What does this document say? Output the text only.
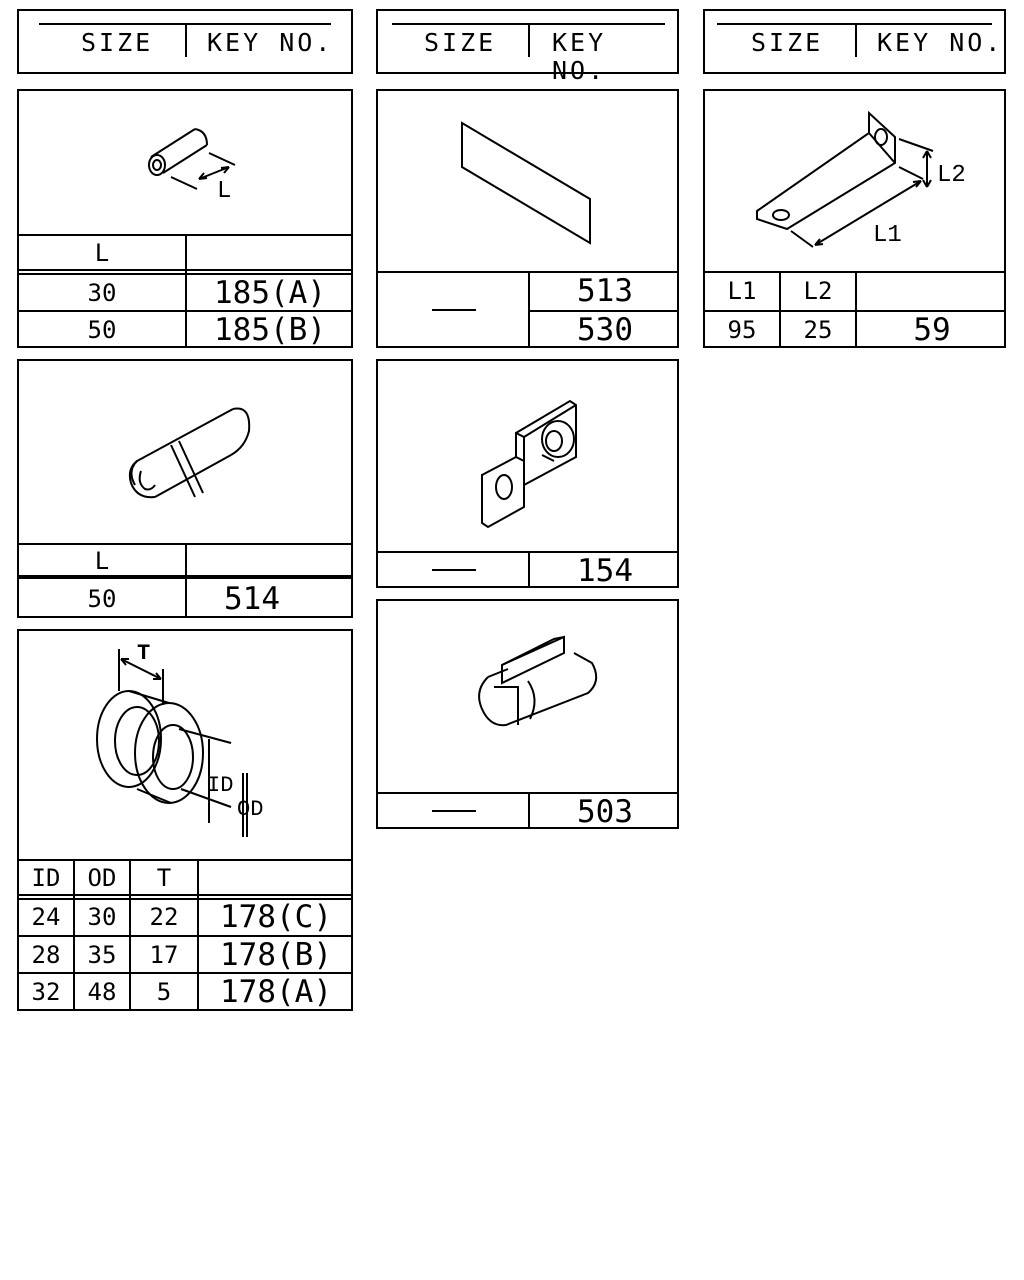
SIZE KEY NO.	SIZE KEY NO.
SIZE KEY NO.
L
L
30	185(A)
50	185(B)
L
50	514
T
ID
OD
ID	OD	T
24	30	22	178(C)
28	35	17	178(B)
32	48	5	178(A)
513
530
154
503
L1
L2
L1	L2
95	25	59
